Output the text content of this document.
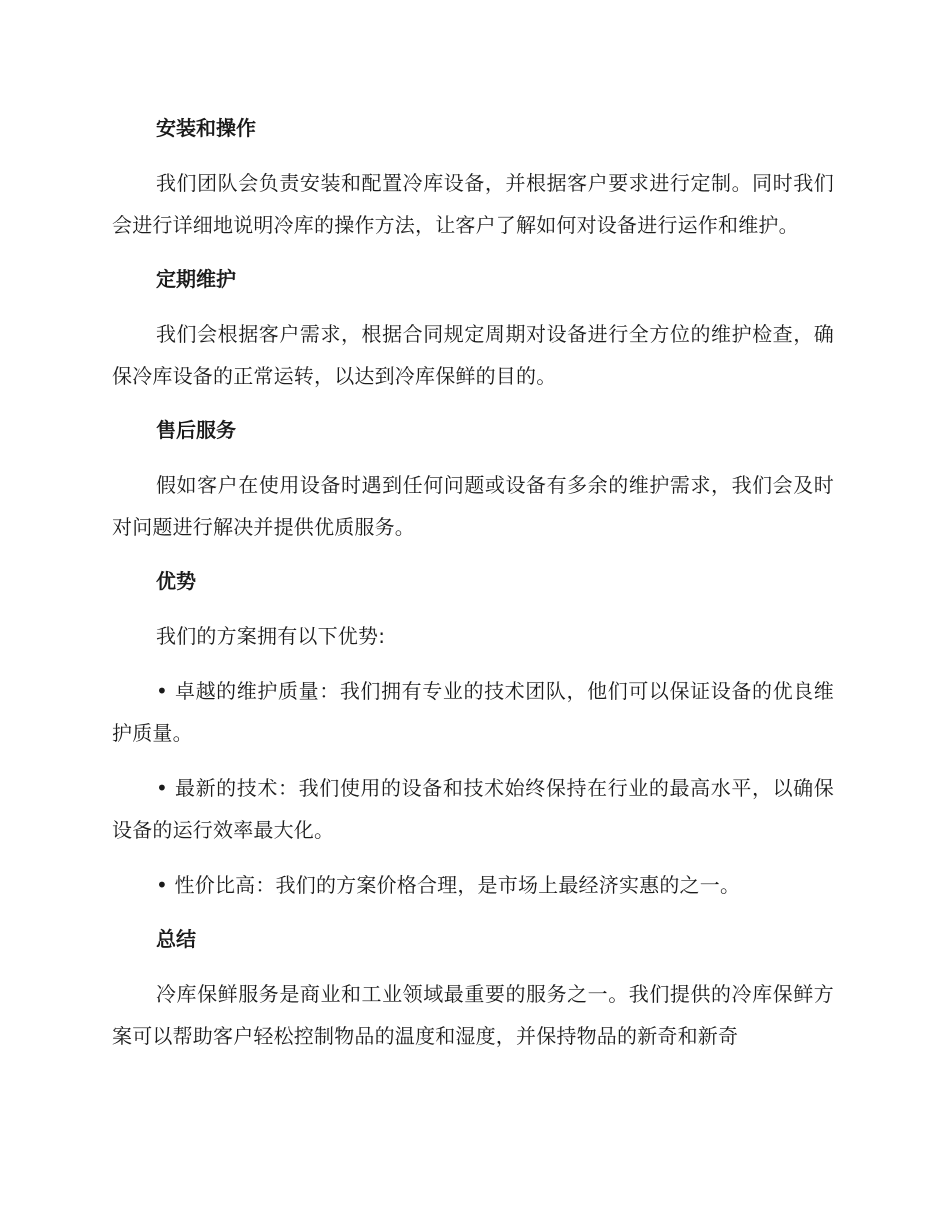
安装和操作

我们团队会负责安装和配置冷库设备，并根据客户要求进行定制。同时我们会进行详细地说明冷库的操作方法，让客户了解如何对设备进行运作和维护。

定期维护

我们会根据客户需求，根据合同规定周期对设备进行全方位的维护检查，确保冷库设备的正常运转，以达到冷库保鲜的目的。

售后服务

假如客户在使用设备时遇到任何问题或设备有多余的维护需求，我们会及时对问题进行解决并提供优质服务。

优势

我们的方案拥有以下优势:

• 卓越的维护质量：我们拥有专业的技术团队，他们可以保证设备的优良维护质量。

• 最新的技术：我们使用的设备和技术始终保持在行业的最高水平，以确保设备的运行效率最大化。

• 性价比高：我们的方案价格合理，是市场上最经济实惠的之一。

总结

冷库保鲜服务是商业和工业领域最重要的服务之一。我们提供的冷库保鲜方案可以帮助客户轻松控制物品的温度和湿度，并保持物品的新奇和新奇
